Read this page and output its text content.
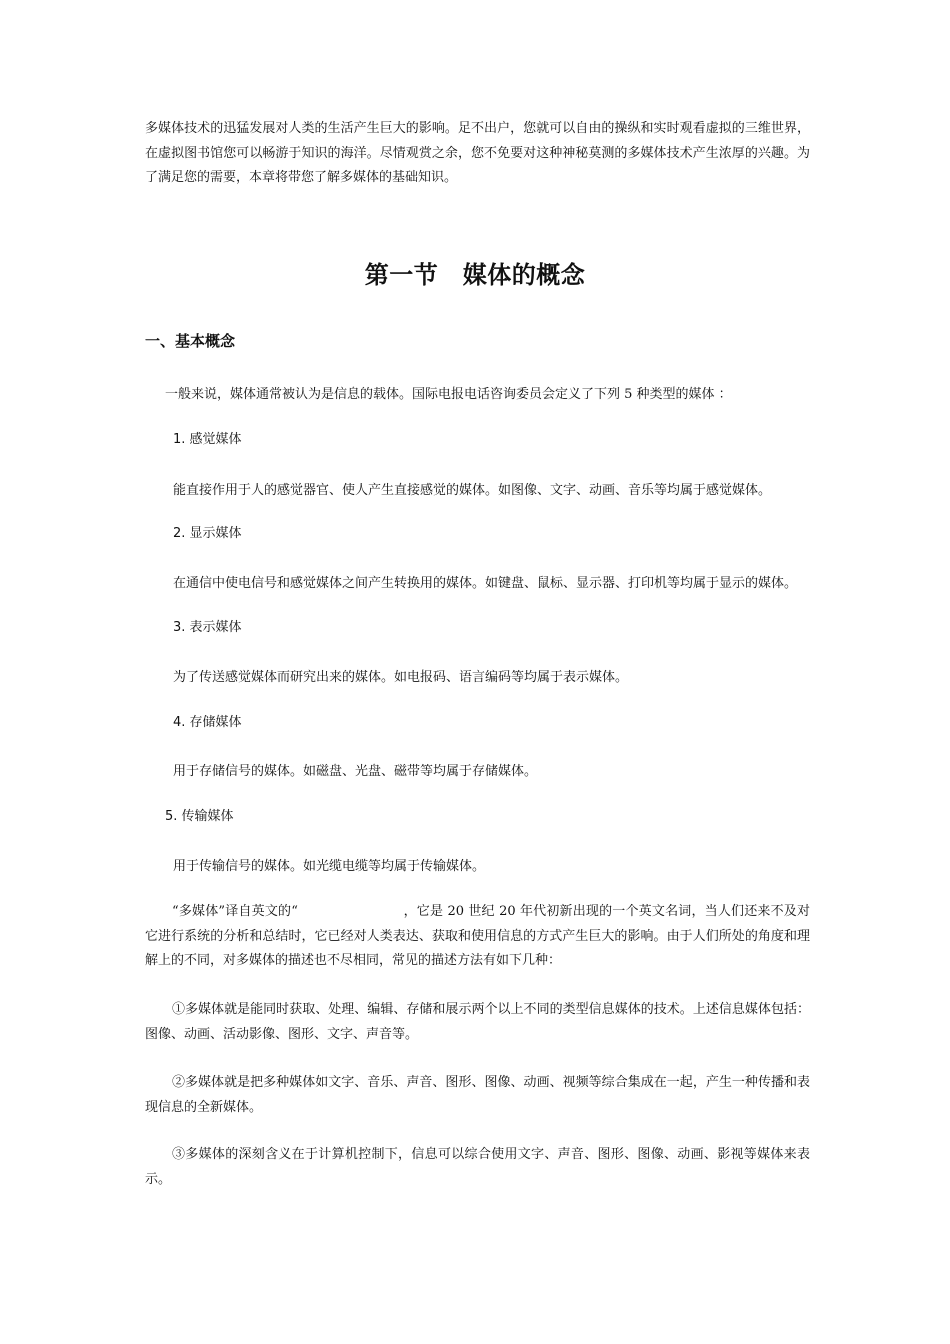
多媒体技术的迅猛发展对人类的生活产生巨大的影响。足不出户，您就可以自由的操纵和实时观看虚拟的三维世界，在虚拟图书馆您可以畅游于知识的海洋。尽情观赏之余，您不免要对这种神秘莫测的多媒体技术产生浓厚的兴趣。为了满足您的需要，本章将带您了解多媒体的基础知识。
第一节　媒体的概念
一、基本概念
一般来说，媒体通常被认为是信息的载体。国际电报电话咨询委员会定义了下列 5 种类型的媒体 ：
1. 感觉媒体
能直接作用于人的感觉器官、使人产生直接感觉的媒体。如图像、文字、动画、音乐等均属于感觉媒体。
2. 显示媒体
在通信中使电信号和感觉媒体之间产生转换用的媒体。如键盘、鼠标、显示器、打印机等均属于显示的媒体。
3. 表示媒体
为了传送感觉媒体而研究出来的媒体。如电报码、语言编码等均属于表示媒体。
4. 存储媒体
用于存储信号的媒体。如磁盘、光盘、磁带等均属于存储媒体。
5. 传输媒体
用于传输信号的媒体。如光缆电缆等均属于传输媒体。
“多媒体”译自英文的“　　　　　　　　，它是 20 世纪 20 年代初新出现的一个英文名词，当人们还来不及对它进行系统的分析和总结时，它已经对人类表达、获取和使用信息的方式产生巨大的影响。由于人们所处的角度和理解上的不同，对多媒体的描述也不尽相同，常见的描述方法有如下几种：
①多媒体就是能同时获取、处理、编辑、存储和展示两个以上不同的类型信息媒体的技术。上述信息媒体包括：图像、动画、活动影像、图形、文字、声音等。
②多媒体就是把多种媒体如文字、音乐、声音、图形、图像、动画、视频等综合集成在一起，产生一种传播和表现信息的全新媒体。
③多媒体的深刻含义在于计算机控制下，信息可以综合使用文字、声音、图形、图像、动画、影视等媒体来表示。
